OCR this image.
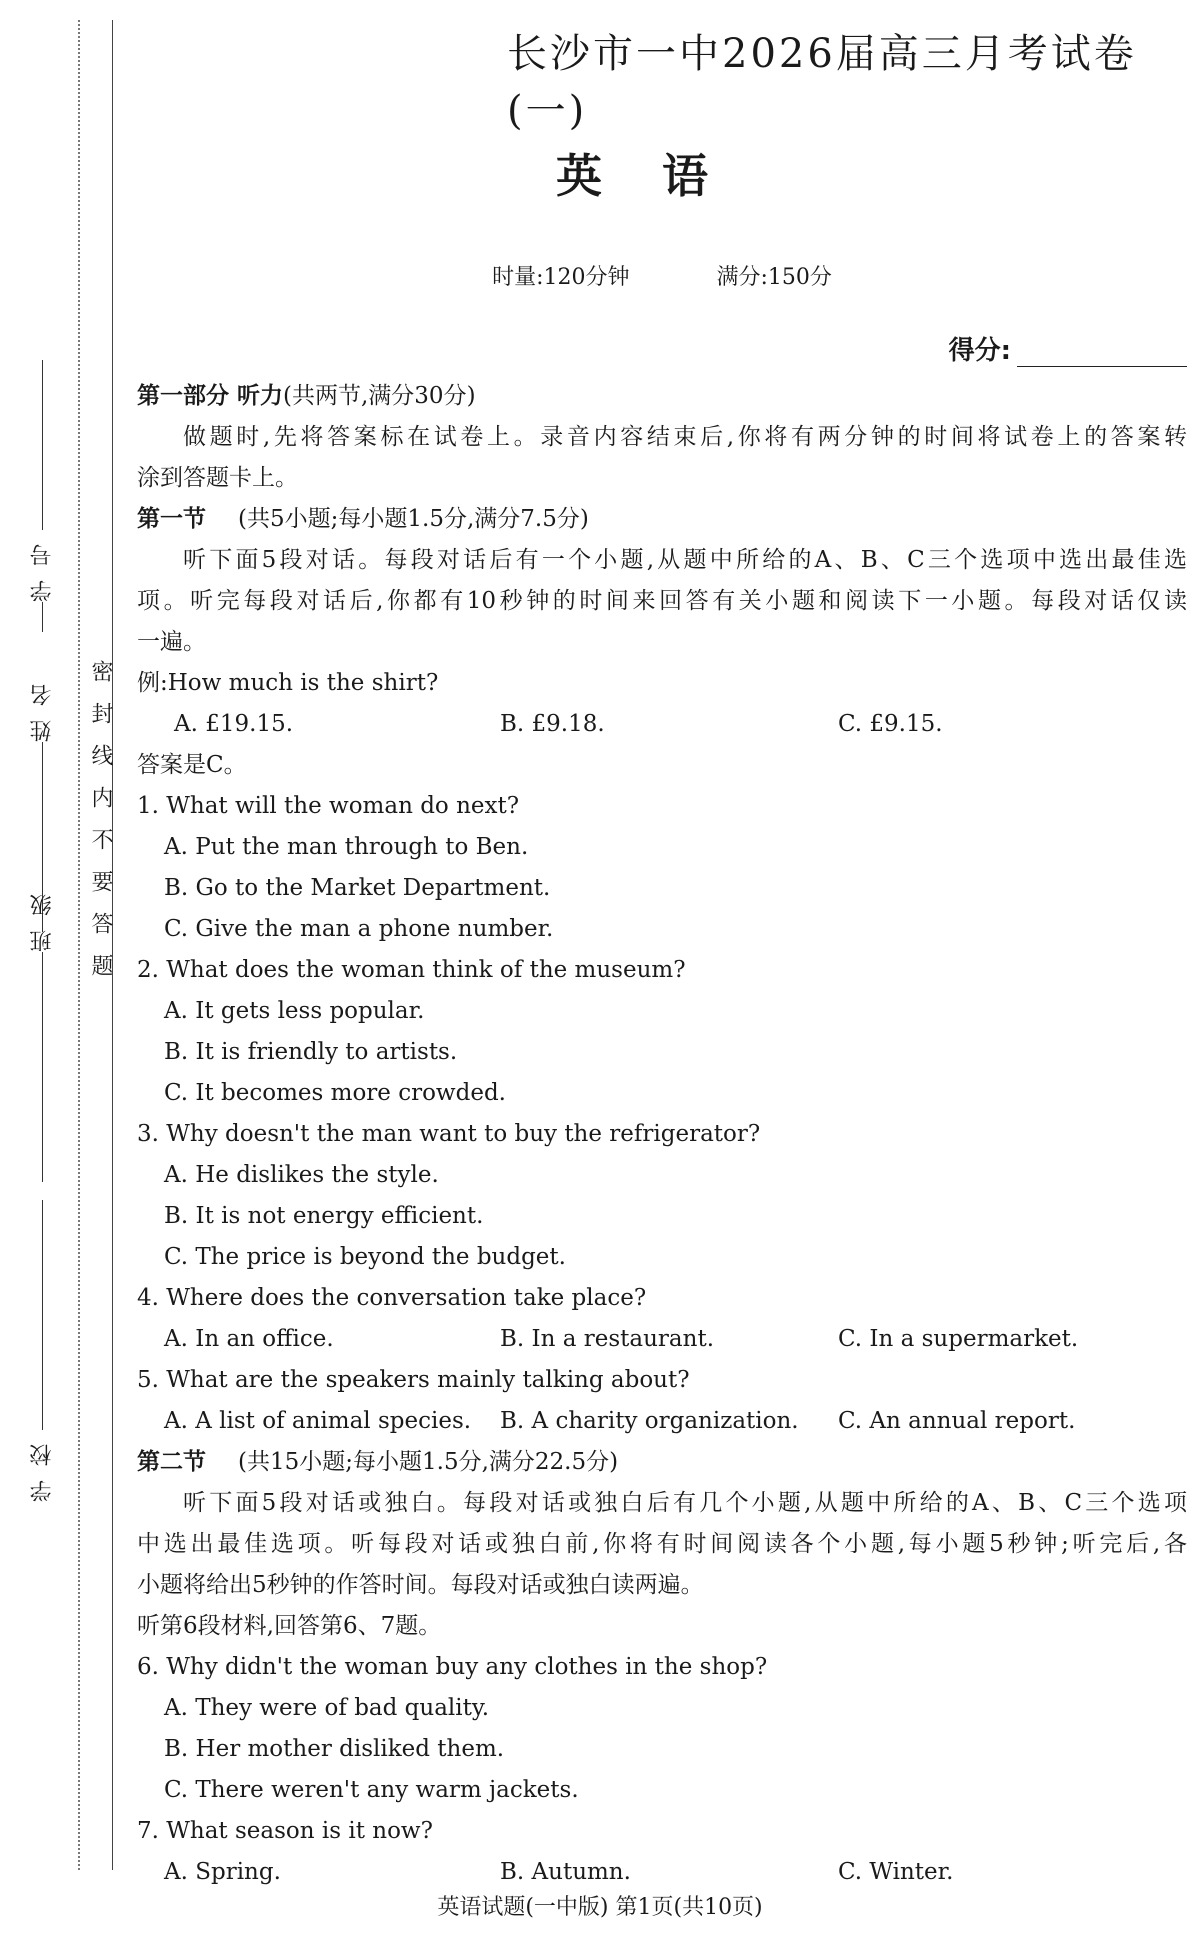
学号
姓名
班级
学校
密封线内不要答题
长沙市一中2026届高三月考试卷(一)
英语
时量:120分钟	满分:150分
得分:
第一部分 听力(共两节,满分30分)
做题时,先将答案标在试卷上。录音内容结束后,你将有两分钟的时间将试卷上的答案转
涂到答题卡上。
第一节 (共5小题;每小题1.5分,满分7.5分)
听下面5段对话。每段对话后有一个小题,从题中所给的A、B、C三个选项中选出最佳选
项。听完每段对话后,你都有10秒钟的时间来回答有关小题和阅读下一小题。每段对话仅读
一遍。
例:How much is the shirt?
A. £19.15.	B. £9.18.	C. £9.15.
答案是C。
1. What will the woman do next?
A. Put the man through to Ben.
B. Go to the Market Department.
C. Give the man a phone number.
2. What does the woman think of the museum?
A. It gets less popular.
B. It is friendly to artists.
C. It becomes more crowded.
3. Why doesn't the man want to buy the refrigerator?
A. He dislikes the style.
B. It is not energy efficient.
C. The price is beyond the budget.
4. Where does the conversation take place?
A. In an office.	B. In a restaurant.	C. In a supermarket.
5. What are the speakers mainly talking about?
A. A list of animal species.	B. A charity organization.	C. An annual report.
第二节 (共15小题;每小题1.5分,满分22.5分)
听下面5段对话或独白。每段对话或独白后有几个小题,从题中所给的A、B、C三个选项
中选出最佳选项。听每段对话或独白前,你将有时间阅读各个小题,每小题5秒钟;听完后,各
小题将给出5秒钟的作答时间。每段对话或独白读两遍。
听第6段材料,回答第6、7题。
6. Why didn't the woman buy any clothes in the shop?
A. They were of bad quality.
B. Her mother disliked them.
C. There weren't any warm jackets.
7. What season is it now?
A. Spring.	B. Autumn.	C. Winter.
英语试题(一中版) 第1页(共10页)
